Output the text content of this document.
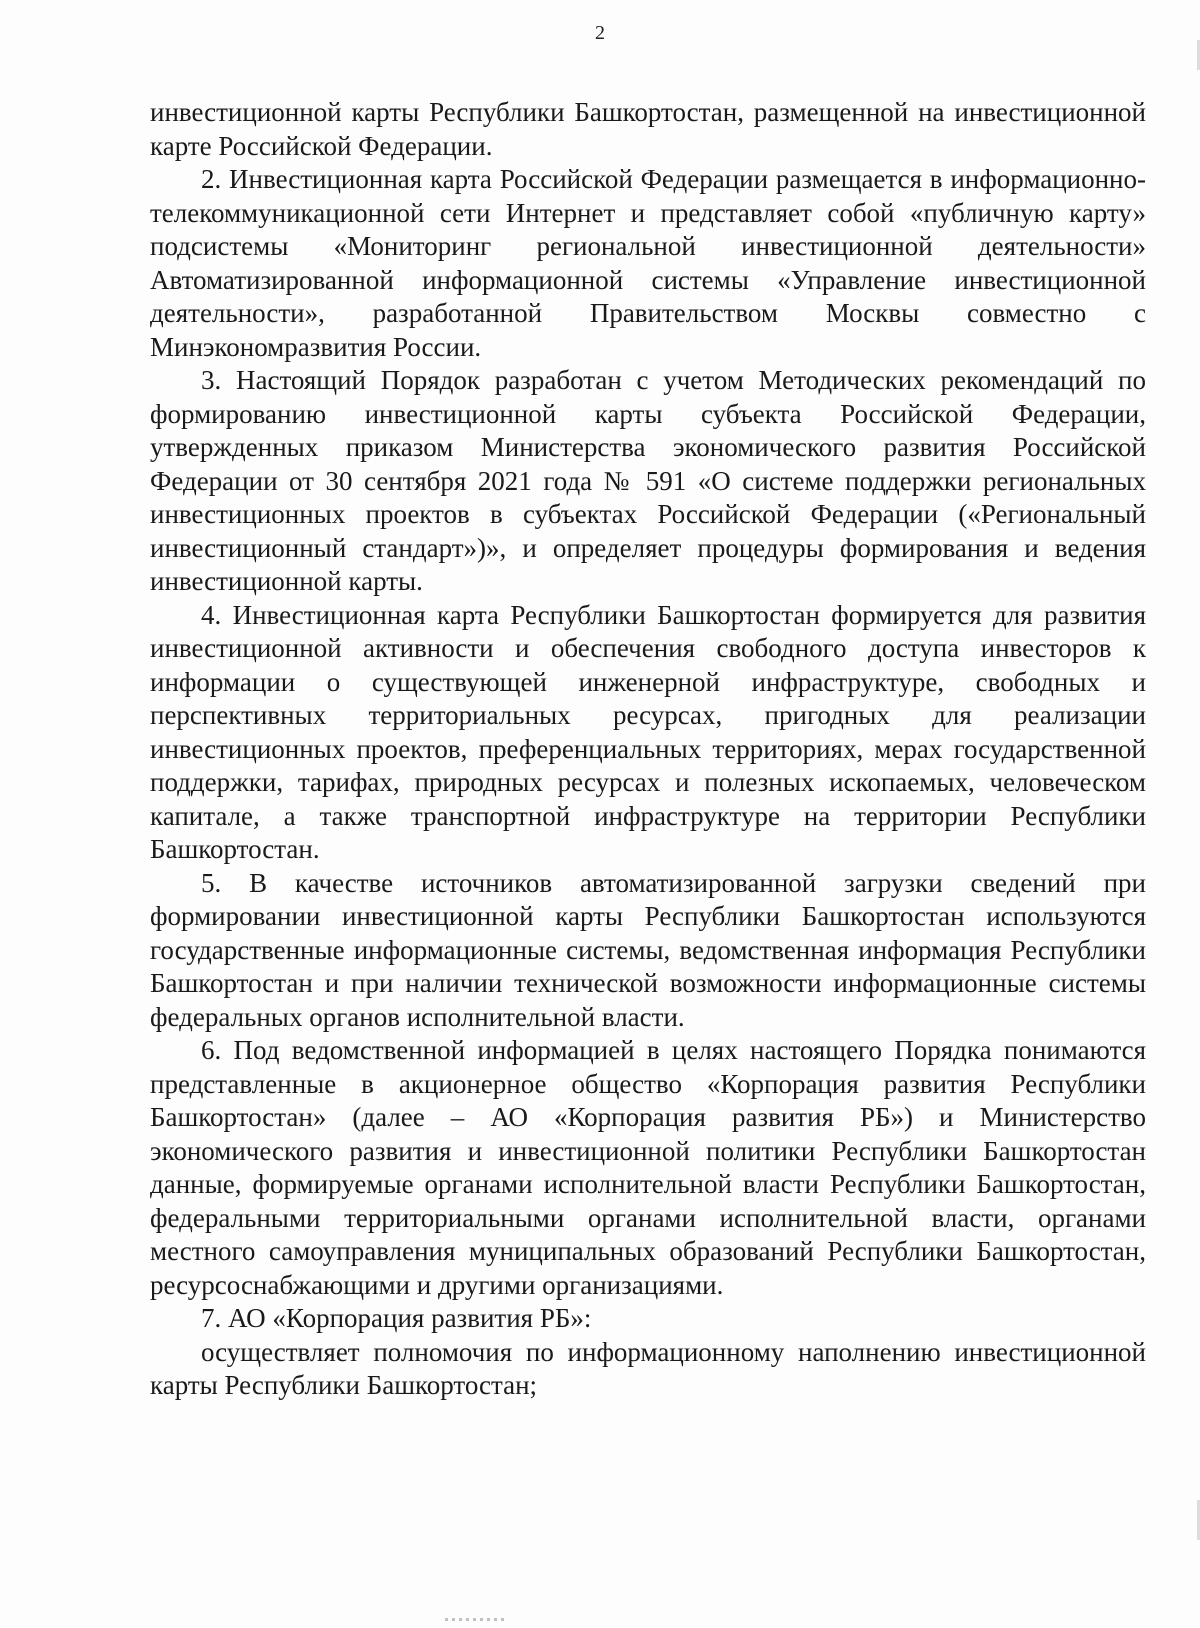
2

инвестиционной карты Республики Башкортостан, размещенной на инвестиционной карте Российской Федерации.

2. Инвестиционная карта Российской Федерации размещается в информационно-телекоммуникационной сети Интернет и представляет собой «публичную карту» подсистемы «Мониторинг региональной инвестиционной деятельности» Автоматизированной информационной системы «Управление инвестиционной деятельности», разработанной Правительством Москвы совместно с Минэкономразвития России.

3. Настоящий Порядок разработан с учетом Методических рекомендаций по формированию инвестиционной карты субъекта Российской Федерации, утвержденных приказом Министерства экономического развития Российской Федерации от 30 сентября 2021 года № 591 «О системе поддержки региональных инвестиционных проектов в субъектах Российской Федерации («Региональный инвестиционный стандарт»)», и определяет процедуры формирования и ведения инвестиционной карты.

4. Инвестиционная карта Республики Башкортостан формируется для развития инвестиционной активности и обеспечения свободного доступа инвесторов к информации о существующей инженерной инфраструктуре, свободных и перспективных территориальных ресурсах, пригодных для реализации инвестиционных проектов, преференциальных территориях, мерах государственной поддержки, тарифах, природных ресурсах и полезных ископаемых, человеческом капитале, а также транспортной инфраструктуре на территории Республики Башкортостан.

5. В качестве источников автоматизированной загрузки сведений при формировании инвестиционной карты Республики Башкортостан используются государственные информационные системы, ведомственная информация Республики Башкортостан и при наличии технической возможности информационные системы федеральных органов исполнительной власти.

6. Под ведомственной информацией в целях настоящего Порядка понимаются представленные в акционерное общество «Корпорация развития Республики Башкортостан» (далее – АО «Корпорация развития РБ») и Министерство экономического развития и инвестиционной политики Республики Башкортостан данные, формируемые органами исполнительной власти Республики Башкортостан, федеральными территориальными органами исполнительной власти, органами местного самоуправления муниципальных образований Республики Башкортостан, ресурсоснабжающими и другими организациями.

7. АО «Корпорация развития РБ»:

осуществляет полномочия по информационному наполнению инвестиционной карты Республики Башкортостан;
